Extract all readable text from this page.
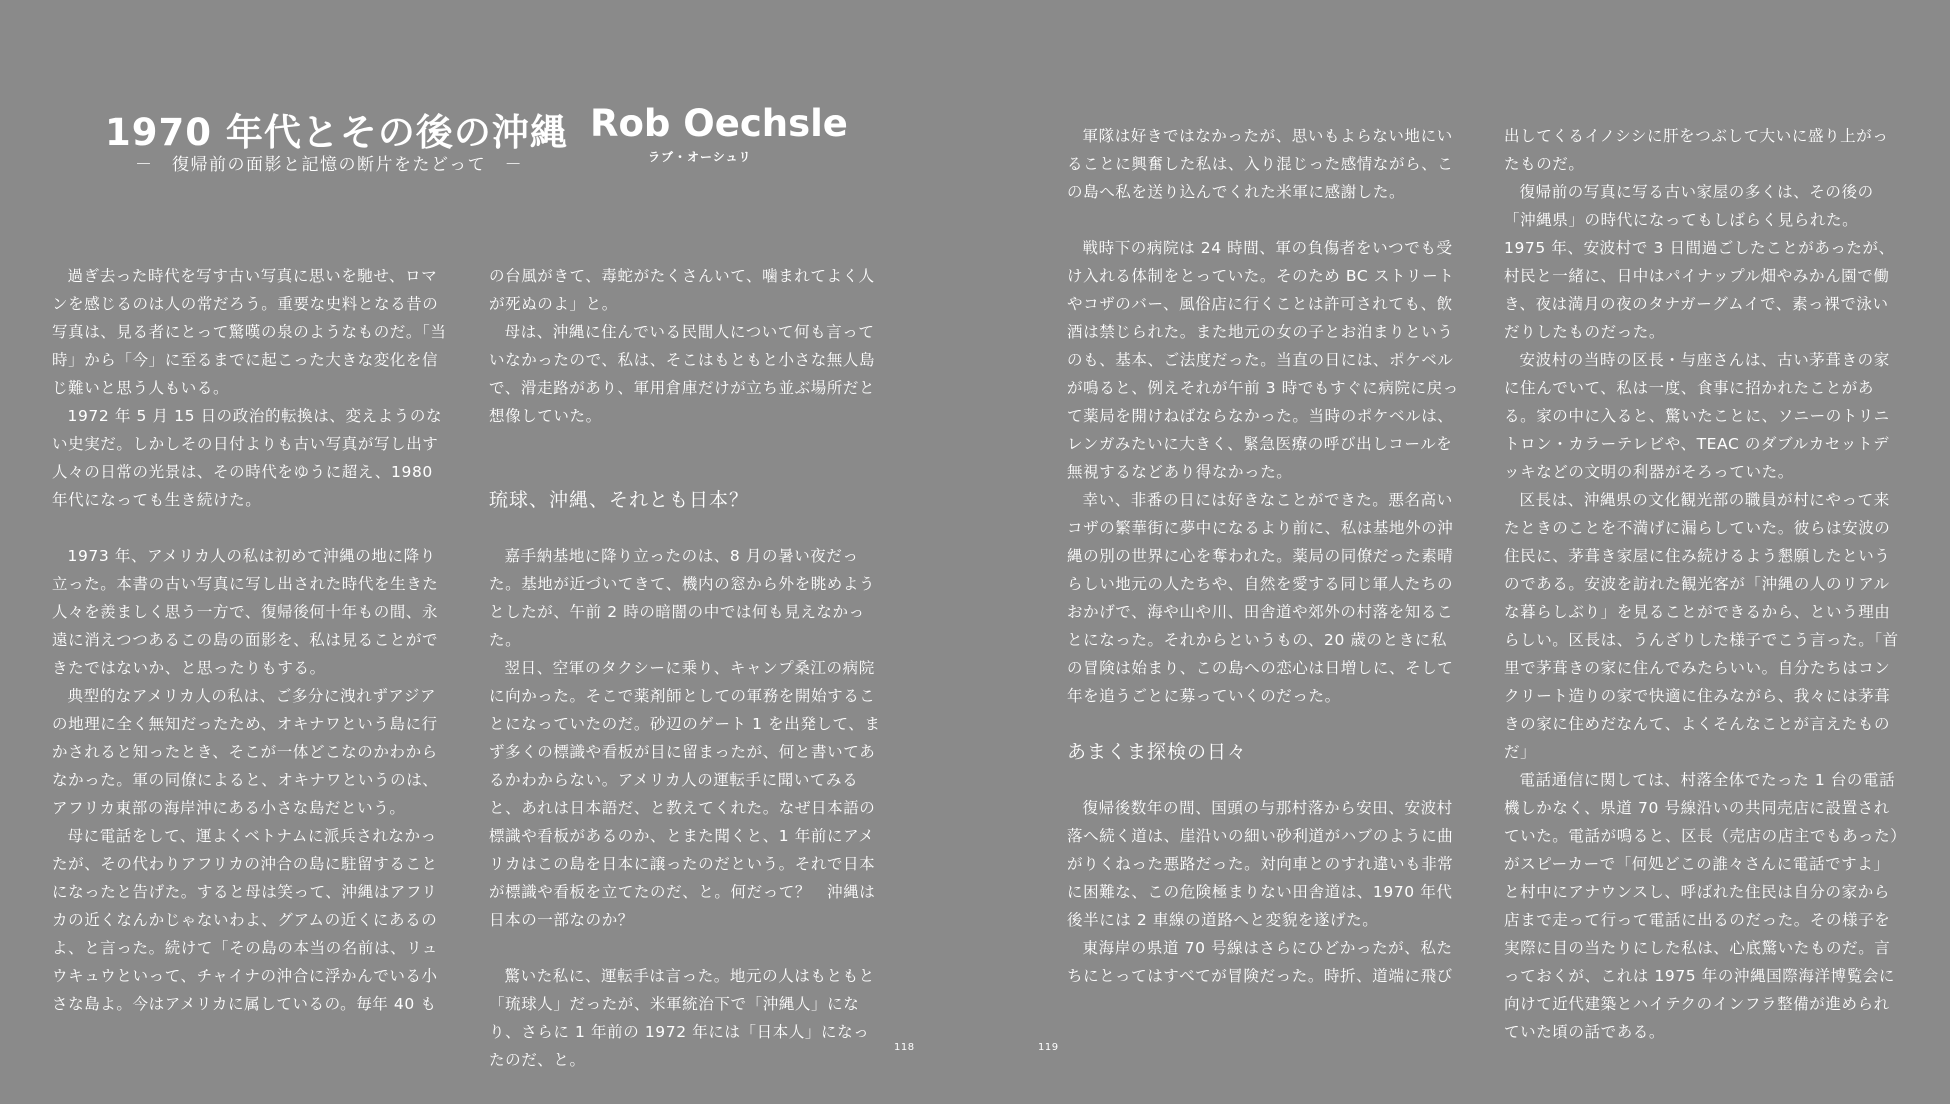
1970 年代とその後の沖縄
－　復帰前の面影と記憶の断片をたどって　－
Rob Oechsle
ラブ・オーシュリ

過ぎ去った時代を写す古い写真に思いを馳せ、ロマンを感じるのは人の常だろう。重要な史料となる昔の写真は、見る者にとって驚嘆の泉のようなものだ。「当時」から「今」に至るまでに起こった大きな変化を信じ難いと思う人もいる。

1972 年 5 月 15 日の政治的転換は、変えようのない史実だ。しかしその日付よりも古い写真が写し出す人々の日常の光景は、その時代をゆうに超え、1980 年代になっても生き続けた。

1973 年、アメリカ人の私は初めて沖縄の地に降り立った。本書の古い写真に写し出された時代を生きた人々を羨ましく思う一方で、復帰後何十年もの間、永遠に消えつつあるこの島の面影を、私は見ることができたではないか、と思ったりもする。

典型的なアメリカ人の私は、ご多分に洩れずアジアの地理に全く無知だったため、オキナワという島に行かされると知ったとき、そこが一体どこなのかわからなかった。軍の同僚によると、オキナワというのは、アフリカ東部の海岸沖にある小さな島だという。

母に電話をして、運よくベトナムに派兵されなかったが、その代わりアフリカの沖合の島に駐留することになったと告げた。すると母は笑って、沖縄はアフリカの近くなんかじゃないわよ、グアムの近くにあるのよ、と言った。続けて「その島の本当の名前は、リュウキュウといって、チャイナの沖合に浮かんでいる小さな島よ。今はアメリカに属しているの。毎年 40 も

の台風がきて、毒蛇がたくさんいて、噛まれてよく人が死ぬのよ」と。

母は、沖縄に住んでいる民間人について何も言っていなかったので、私は、そこはもともと小さな無人島で、滑走路があり、軍用倉庫だけが立ち並ぶ場所だと想像していた。

琉球、沖縄、それとも日本？

嘉手納基地に降り立ったのは、8 月の暑い夜だった。基地が近づいてきて、機内の窓から外を眺めようとしたが、午前 2 時の暗闇の中では何も見えなかった。

翌日、空軍のタクシーに乗り、キャンプ桑江の病院に向かった。そこで薬剤師としての軍務を開始することになっていたのだ。砂辺のゲート 1 を出発して、まず多くの標識や看板が目に留まったが、何と書いてあるかわからない。アメリカ人の運転手に聞いてみると、あれは日本語だ、と教えてくれた。なぜ日本語の標識や看板があるのか、とまた聞くと、1 年前にアメリカはこの島を日本に譲ったのだという。それで日本が標識や看板を立てたのだ、と。何だって？　沖縄は日本の一部なのか？

驚いた私に、運転手は言った。地元の人はもともと「琉球人」だったが、米軍統治下で「沖縄人」になり、さらに 1 年前の 1972 年には「日本人」になったのだ、と。

軍隊は好きではなかったが、思いもよらない地にいることに興奮した私は、入り混じった感情ながら、この島へ私を送り込んでくれた米軍に感謝した。

戦時下の病院は 24 時間、軍の負傷者をいつでも受け入れる体制をとっていた。そのため BC ストリートやコザのバー、風俗店に行くことは許可されても、飲酒は禁じられた。また地元の女の子とお泊まりというのも、基本、ご法度だった。当直の日には、ポケベルが鳴ると、例えそれが午前 3 時でもすぐに病院に戻って薬局を開けねばならなかった。当時のポケベルは、レンガみたいに大きく、緊急医療の呼び出しコールを無視するなどあり得なかった。

幸い、非番の日には好きなことができた。悪名高いコザの繁華街に夢中になるより前に、私は基地外の沖縄の別の世界に心を奪われた。薬局の同僚だった素晴らしい地元の人たちや、自然を愛する同じ軍人たちのおかげで、海や山や川、田舎道や郊外の村落を知ることになった。それからというもの、20 歳のときに私の冒険は始まり、この島への恋心は日増しに、そして年を追うごとに募っていくのだった。

あまくま探検の日々

復帰後数年の間、国頭の与那村落から安田、安波村落へ続く道は、崖沿いの細い砂利道がハブのように曲がりくねった悪路だった。対向車とのすれ違いも非常に困難な、この危険極まりない田舎道は、1970 年代後半には 2 車線の道路へと変貌を遂げた。

東海岸の県道 70 号線はさらにひどかったが、私たちにとってはすべてが冒険だった。時折、道端に飛び

出してくるイノシシに肝をつぶして大いに盛り上がったものだ。

復帰前の写真に写る古い家屋の多くは、その後の「沖縄県」の時代になってもしばらく見られた。1975 年、安波村で 3 日間過ごしたことがあったが、村民と一緒に、日中はパイナップル畑やみかん園で働き、夜は満月の夜のタナガーグムイで、素っ裸で泳いだりしたものだった。

安波村の当時の区長・与座さんは、古い茅葺きの家に住んでいて、私は一度、食事に招かれたことがある。家の中に入ると、驚いたことに、ソニーのトリニトロン・カラーテレビや、TEAC のダブルカセットデッキなどの文明の利器がそろっていた。

区長は、沖縄県の文化観光部の職員が村にやって来たときのことを不満げに漏らしていた。彼らは安波の住民に、茅葺き家屋に住み続けるよう懇願したというのである。安波を訪れた観光客が「沖縄の人のリアルな暮らしぶり」を見ることができるから、という理由らしい。区長は、うんざりした様子でこう言った。「首里で茅葺きの家に住んでみたらいい。自分たちはコンクリート造りの家で快適に住みながら、我々には茅葺きの家に住めだなんて、よくそんなことが言えたものだ」

電話通信に関しては、村落全体でたった 1 台の電話機しかなく、県道 70 号線沿いの共同売店に設置されていた。電話が鳴ると、区長（売店の店主でもあった）がスピーカーで「何処どこの誰々さんに電話ですよ」と村中にアナウンスし、呼ばれた住民は自分の家から店まで走って行って電話に出るのだった。その様子を実際に目の当たりにした私は、心底驚いたものだ。言っておくが、これは 1975 年の沖縄国際海洋博覧会に向けて近代建築とハイテクのインフラ整備が進められていた頃の話である。

118	119
